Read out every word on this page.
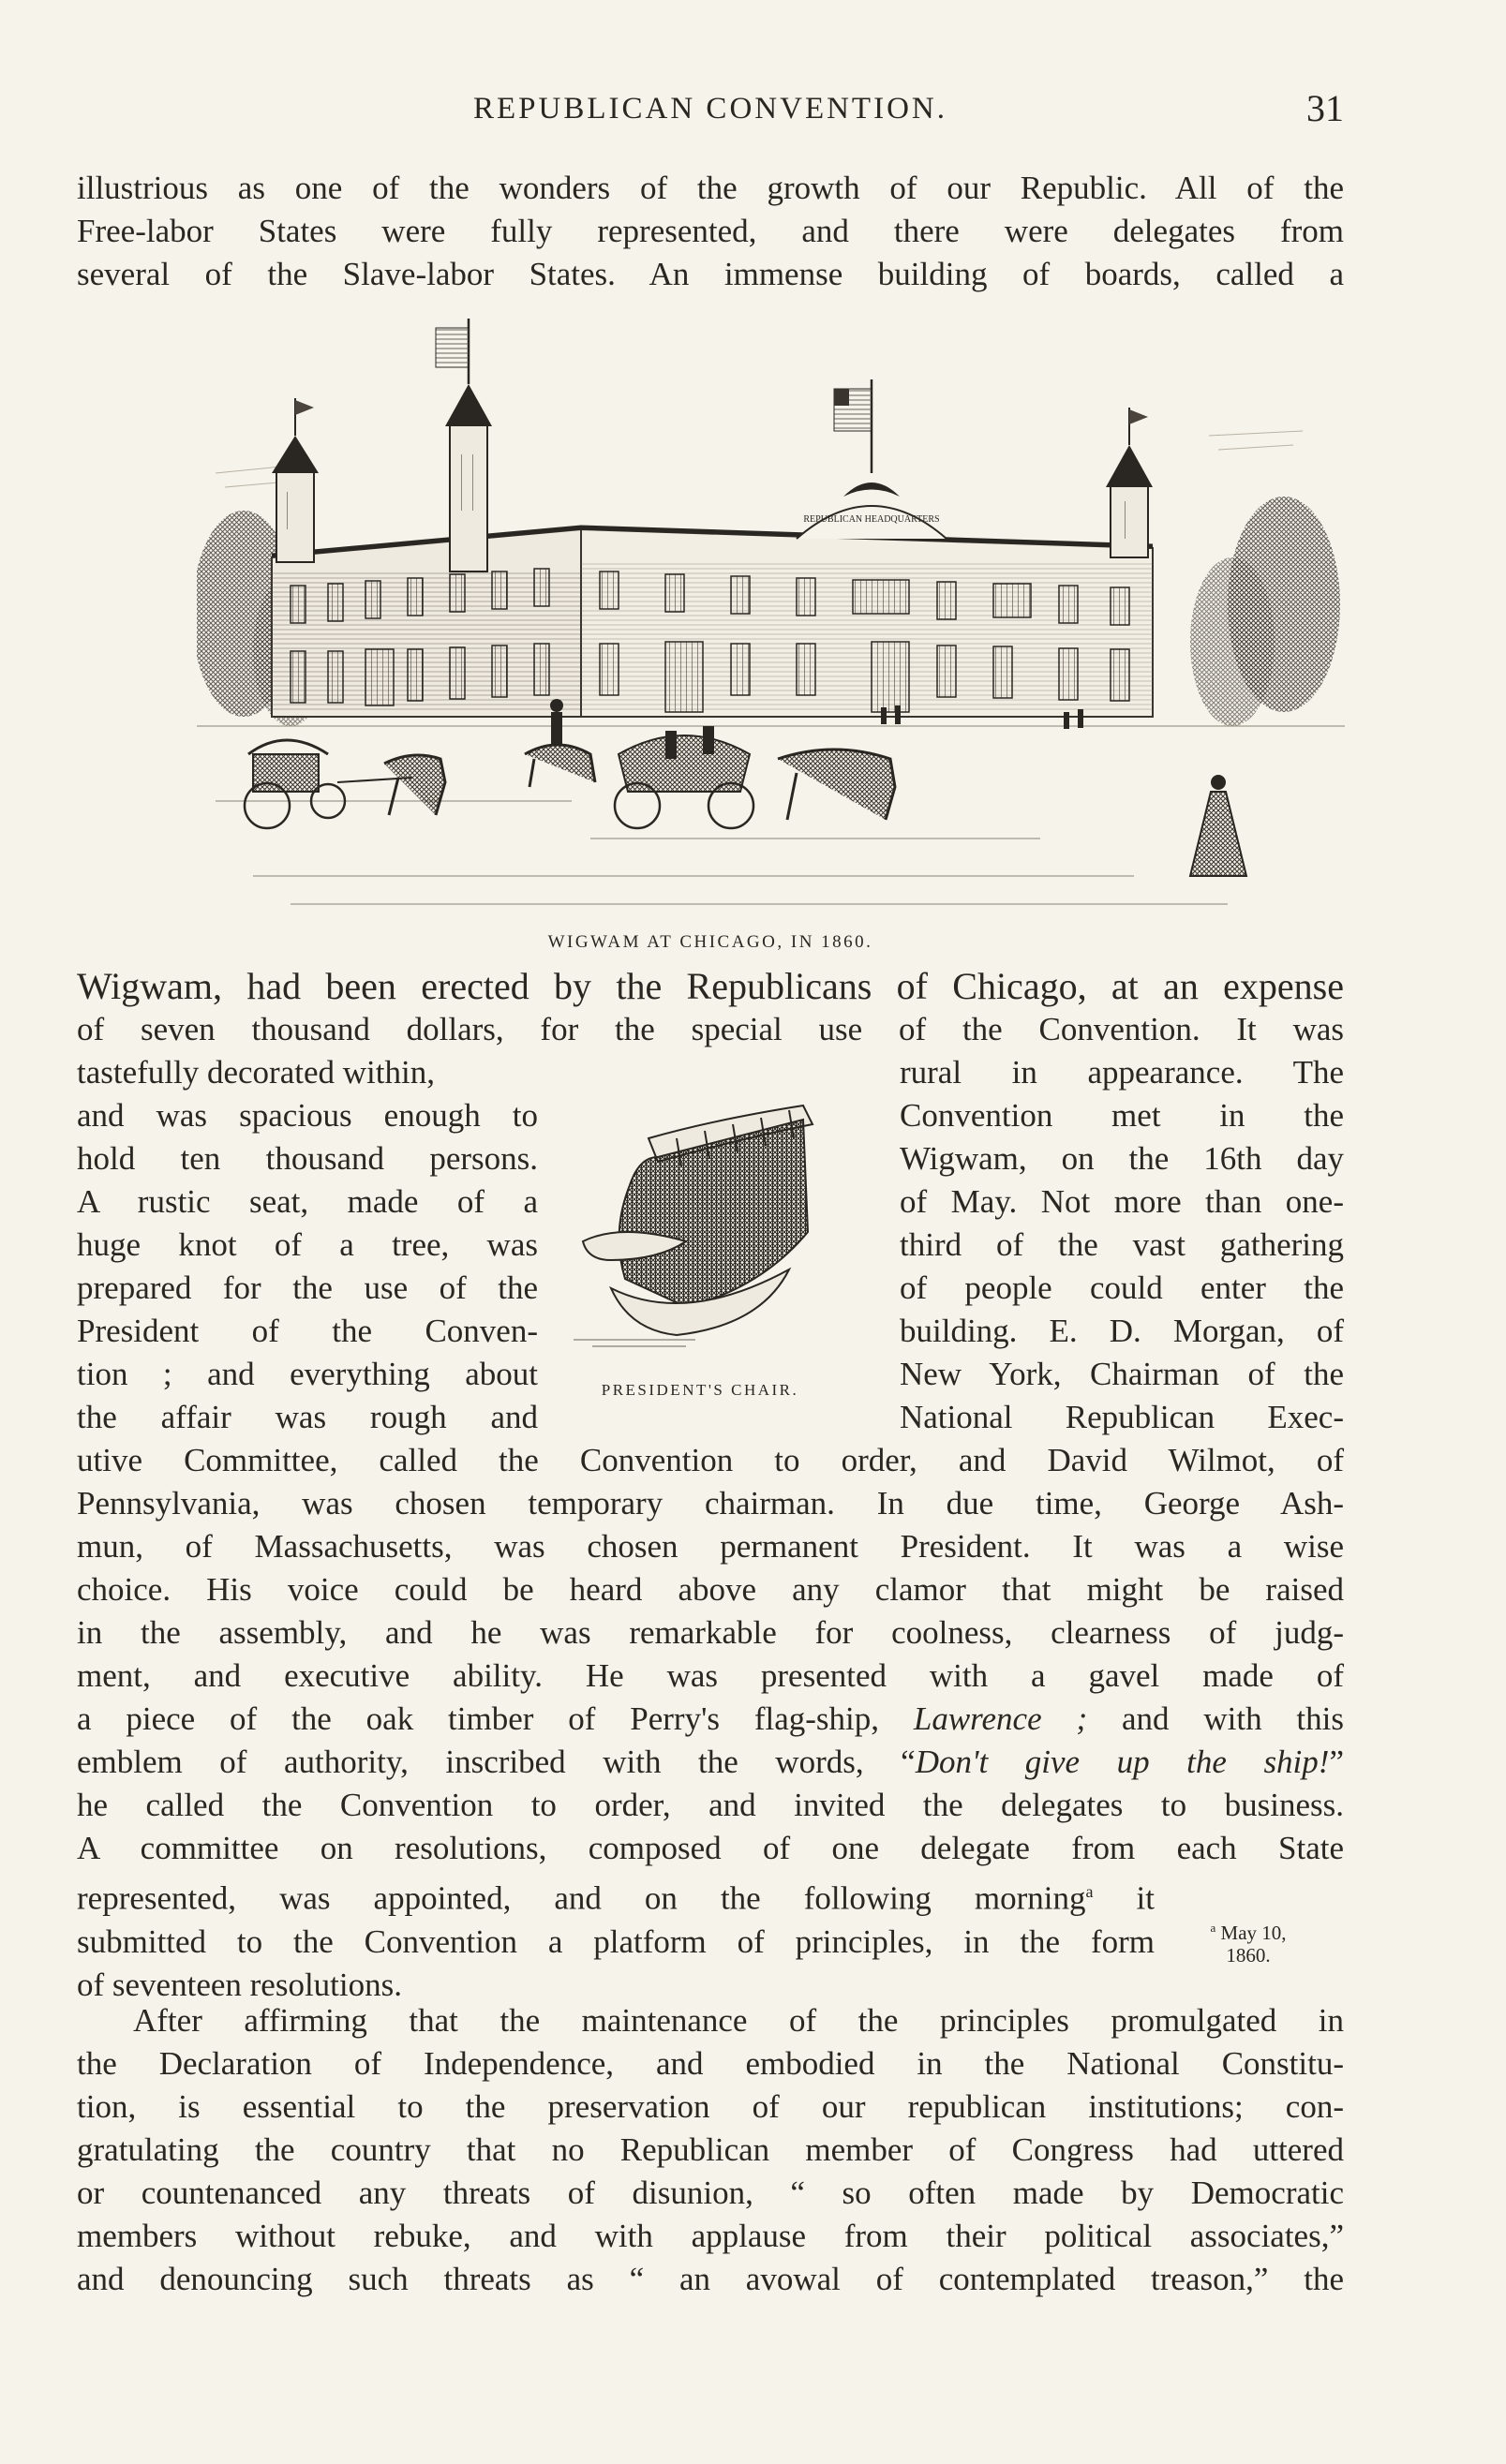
REPUBLICAN CONVENTION.	31
illustrious as one of the wonders of the growth of our Republic. All of the
Free-labor States were fully represented, and there were delegates from
several of the Slave-labor States. An immense building of boards, called a
REPUBLICAN HEADQUARTERS
WIGWAM AT CHICAGO, IN 1860.
Wigwam, had been erected by the Republicans of Chicago, at an expense
of seven thousand dollars, for the special use of the Convention. It was
tastefully decorated within,
and was spacious enough to
hold ten thousand persons.
A rustic seat, made of a
huge knot of a tree, was
prepared for the use of the
President of the Conven-
tion ; and everything about
the affair was rough and
PRESIDENT'S CHAIR.
rural in appearance. The
Convention met in the
Wigwam, on the 16th day
of May. Not more than one-
third of the vast gathering
of people could enter the
building. E. D. Morgan, of
New York, Chairman of the
National Republican Exec-
utive Committee, called the Convention to order, and David Wilmot, of
Pennsylvania, was chosen temporary chairman. In due time, George Ash-
mun, of Massachusetts, was chosen permanent President. It was a wise
choice. His voice could be heard above any clamor that might be raised
in the assembly, and he was remarkable for coolness, clearness of judg-
ment, and executive ability. He was presented with a gavel made of
a piece of the oak timber of Perry's flag-ship, Lawrence ; and with this
emblem of authority, inscribed with the words, “Don't give up the ship!”
he called the Convention to order, and invited the delegates to business.
A committee on resolutions, composed of one delegate from each State
represented, was appointed, and on the following morning$^a$ it
submitted to the Convention a platform of principles, in the form
of seventeen resolutions.
$^a$ May 10,
1860.
After affirming that the maintenance of the principles promulgated in
the Declaration of Independence, and embodied in the National Constitu-
tion, is essential to the preservation of our republican institutions; con-
gratulating the country that no Republican member of Congress had uttered
or countenanced any threats of disunion, “ so often made by Democratic
members without rebuke, and with applause from their political associates,”
and denouncing such threats as “ an avowal of contemplated treason,” the
